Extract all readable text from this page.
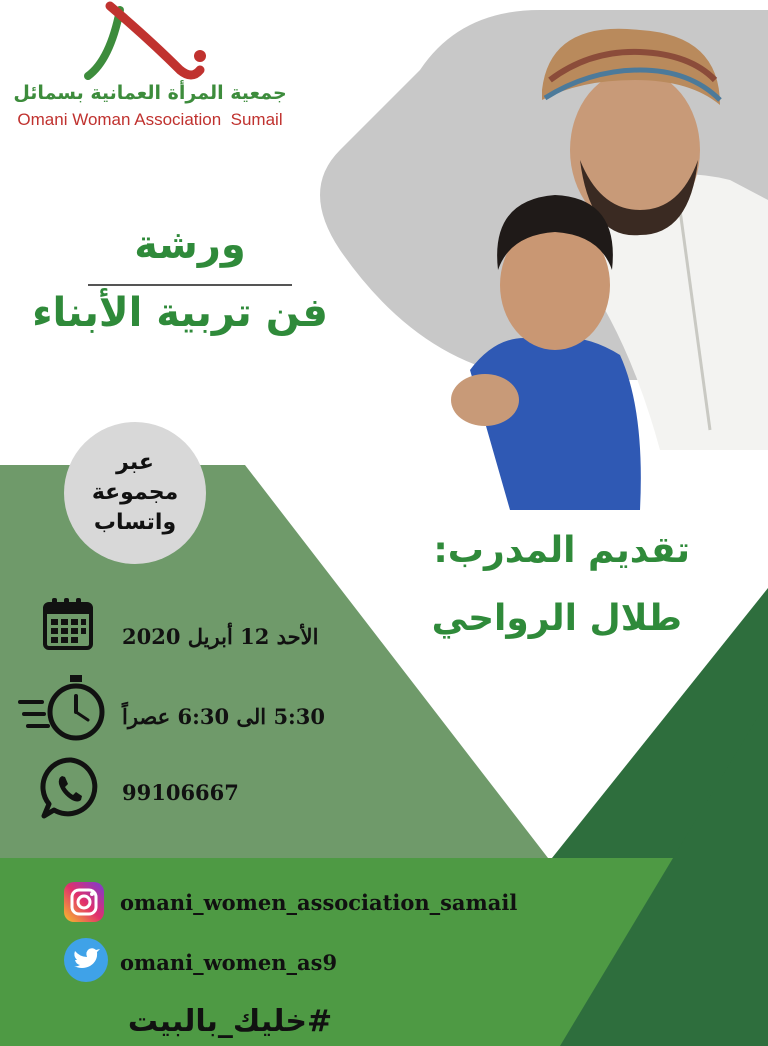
جمعية المرأة العمانية بسمائل
Omani Woman Association  Sumail
ورشة
فن تربية الأبناء
عبر
مجموعة
واتساب
تقديم المدرب:
طلال الرواحي
الأحد 12 أبريل 2020
5:30 الى 6:30 عصراً
99106667
omani_women_association_samail
omani_women_as9
#خليك_بالبيت
